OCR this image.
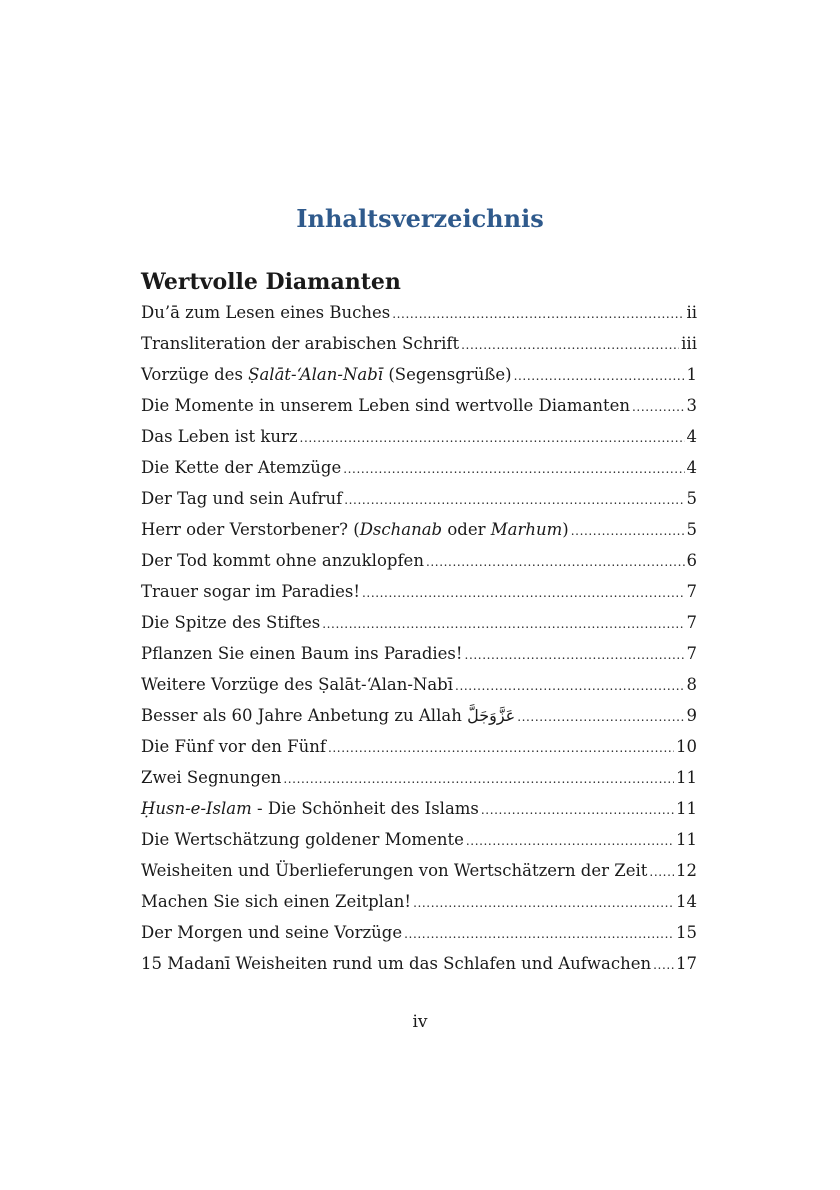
Inhaltsverzeichnis
Wertvolle Diamanten
Du’ā zum Lesen eines Buches .....	ii
Transliteration der arabischen Schrift .....	iii
Vorzüge des Ṣalāt-‘Alan-Nabī (Segensgrüße) .....	1
Die Momente in unserem Leben sind wertvolle Diamanten .....	3
Das Leben ist kurz .....	4
Die Kette der Atemzüge .....	4
Der Tag und sein Aufruf .....	5
Herr oder Verstorbener? (Dschanab oder Marhum) .....	5
Der Tod kommt ohne anzuklopfen .....	6
Trauer sogar im Paradies! .....	7
Die Spitze des Stiftes .....	7
Pflanzen Sie einen Baum ins Paradies! .....	7
Weitere Vorzüge des Ṣalāt-‘Alan-Nabī .....	8
Besser als 60 Jahre Anbetung zu Allah عَزَّوَجَلَّ .....	9
Die Fünf vor den Fünf .....	10
Zwei Segnungen .....	11
Ḥusn-e-Islam - Die Schönheit des Islams .....	11
Die Wertschätzung goldener Momente .....	11
Weisheiten und Überlieferungen von Wertschätzern der Zeit ..... 12
Machen Sie sich einen Zeitplan! .....	14
Der Morgen und seine Vorzüge .....	15
15 Madanī Weisheiten rund um das Schlafen und Aufwachen ..... 17
iv
